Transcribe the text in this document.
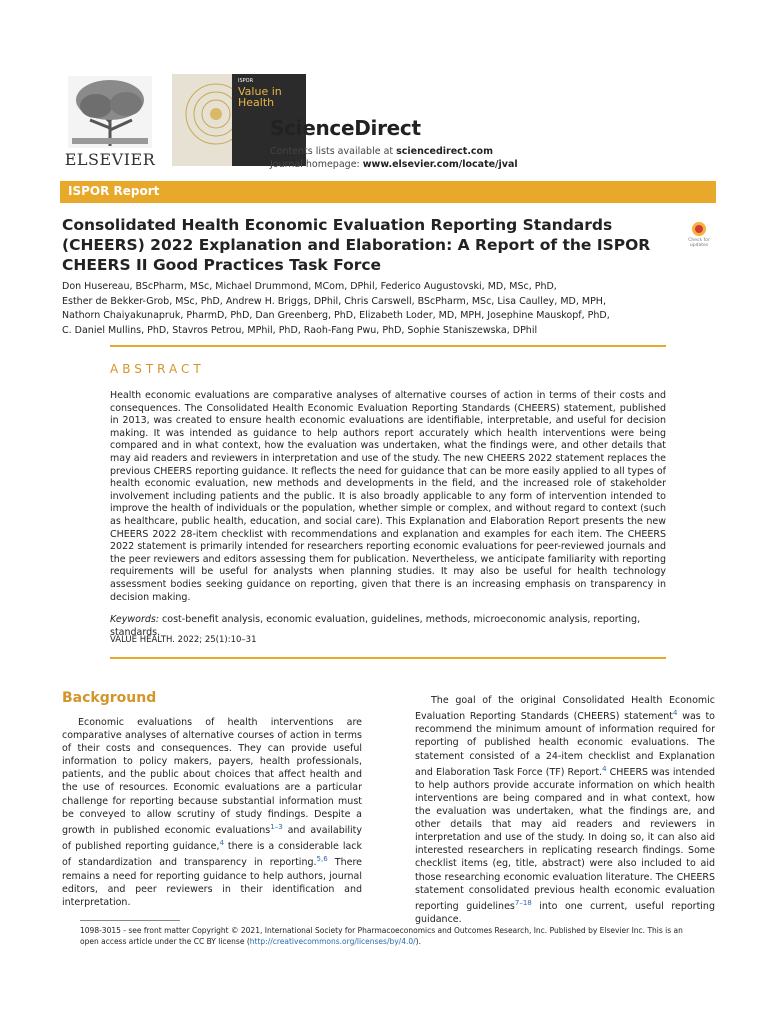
ELSEVIER
ISPOR
Value in Health
ScienceDirect
Contents lists available at sciencedirect.com
Journal homepage: www.elsevier.com/locate/jval
ISPOR Report
Consolidated Health Economic Evaluation Reporting Standards (CHEERS) 2022 Explanation and Elaboration: A Report of the ISPOR CHEERS II Good Practices Task Force
Check for updates
Don Husereau, BScPharm, MSc, Michael Drummond, MCom, DPhil, Federico Augustovski, MD, MSc, PhD,
Esther de Bekker-Grob, MSc, PhD, Andrew H. Briggs, DPhil, Chris Carswell, BScPharm, MSc, Lisa Caulley, MD, MPH,
Nathorn Chaiyakunapruk, PharmD, PhD, Dan Greenberg, PhD, Elizabeth Loder, MD, MPH, Josephine Mauskopf, PhD,
C. Daniel Mullins, PhD, Stavros Petrou, MPhil, PhD, Raoh-Fang Pwu, PhD, Sophie Staniszewska, DPhil
ABSTRACT
Health economic evaluations are comparative analyses of alternative courses of action in terms of their costs and consequences. The Consolidated Health Economic Evaluation Reporting Standards (CHEERS) statement, published in 2013, was created to ensure health economic evaluations are identifiable, interpretable, and useful for decision making. It was intended as guidance to help authors report accurately which health interventions were being compared and in what context, how the evaluation was undertaken, what the findings were, and other details that may aid readers and reviewers in interpretation and use of the study. The new CHEERS 2022 statement replaces the previous CHEERS reporting guidance. It reflects the need for guidance that can be more easily applied to all types of health economic evaluation, new methods and developments in the field, and the increased role of stakeholder involvement including patients and the public. It is also broadly applicable to any form of intervention intended to improve the health of individuals or the population, whether simple or complex, and without regard to context (such as healthcare, public health, education, and social care). This Explanation and Elaboration Report presents the new CHEERS 2022 28-item checklist with recommendations and explanation and examples for each item. The CHEERS 2022 statement is primarily intended for researchers reporting economic evaluations for peer-reviewed journals and the peer reviewers and editors assessing them for publication. Nevertheless, we anticipate familiarity with reporting requirements will be useful for analysts when planning studies. It may also be useful for health technology assessment bodies seeking guidance on reporting, given that there is an increasing emphasis on transparency in decision making.
Keywords: cost-benefit analysis, economic evaluation, guidelines, methods, microeconomic analysis, reporting, standards.
VALUE HEALTH. 2022; 25(1):10–31
Background
Economic evaluations of health interventions are comparative analyses of alternative courses of action in terms of their costs and consequences. They can provide useful information to policy makers, payers, health professionals, patients, and the public about choices that affect health and the use of resources. Economic evaluations are a particular challenge for reporting because substantial information must be conveyed to allow scrutiny of study findings. Despite a growth in published economic evaluations$^{1-3}$ and availability of published reporting guidance,$^4$ there is a considerable lack of standardization and transparency in reporting.$^{5,6}$ There remains a need for reporting guidance to help authors, journal editors, and peer reviewers in their identification and interpretation.
The goal of the original Consolidated Health Economic Evaluation Reporting Standards (CHEERS) statement$^4$ was to recommend the minimum amount of information required for reporting of published health economic evaluations. The statement consisted of a 24-item checklist and Explanation and Elaboration Task Force (TF) Report.$^4$ CHEERS was intended to help authors provide accurate information on which health interventions are being compared and in what context, how the evaluation was undertaken, what the findings are, and other details that may aid readers and reviewers in interpretation and use of the study. In doing so, it can also aid interested researchers in replicating research findings. Some checklist items (eg, title, abstract) were also included to aid those researching economic evaluation literature. The CHEERS statement consolidated previous health economic evaluation reporting guidelines$^{7-18}$ into one current, useful reporting guidance.
1098-3015 - see front matter Copyright © 2021, International Society for Pharmacoeconomics and Outcomes Research, Inc. Published by Elsevier Inc. This is an open access article under the CC BY license (http://creativecommons.org/licenses/by/4.0/).
